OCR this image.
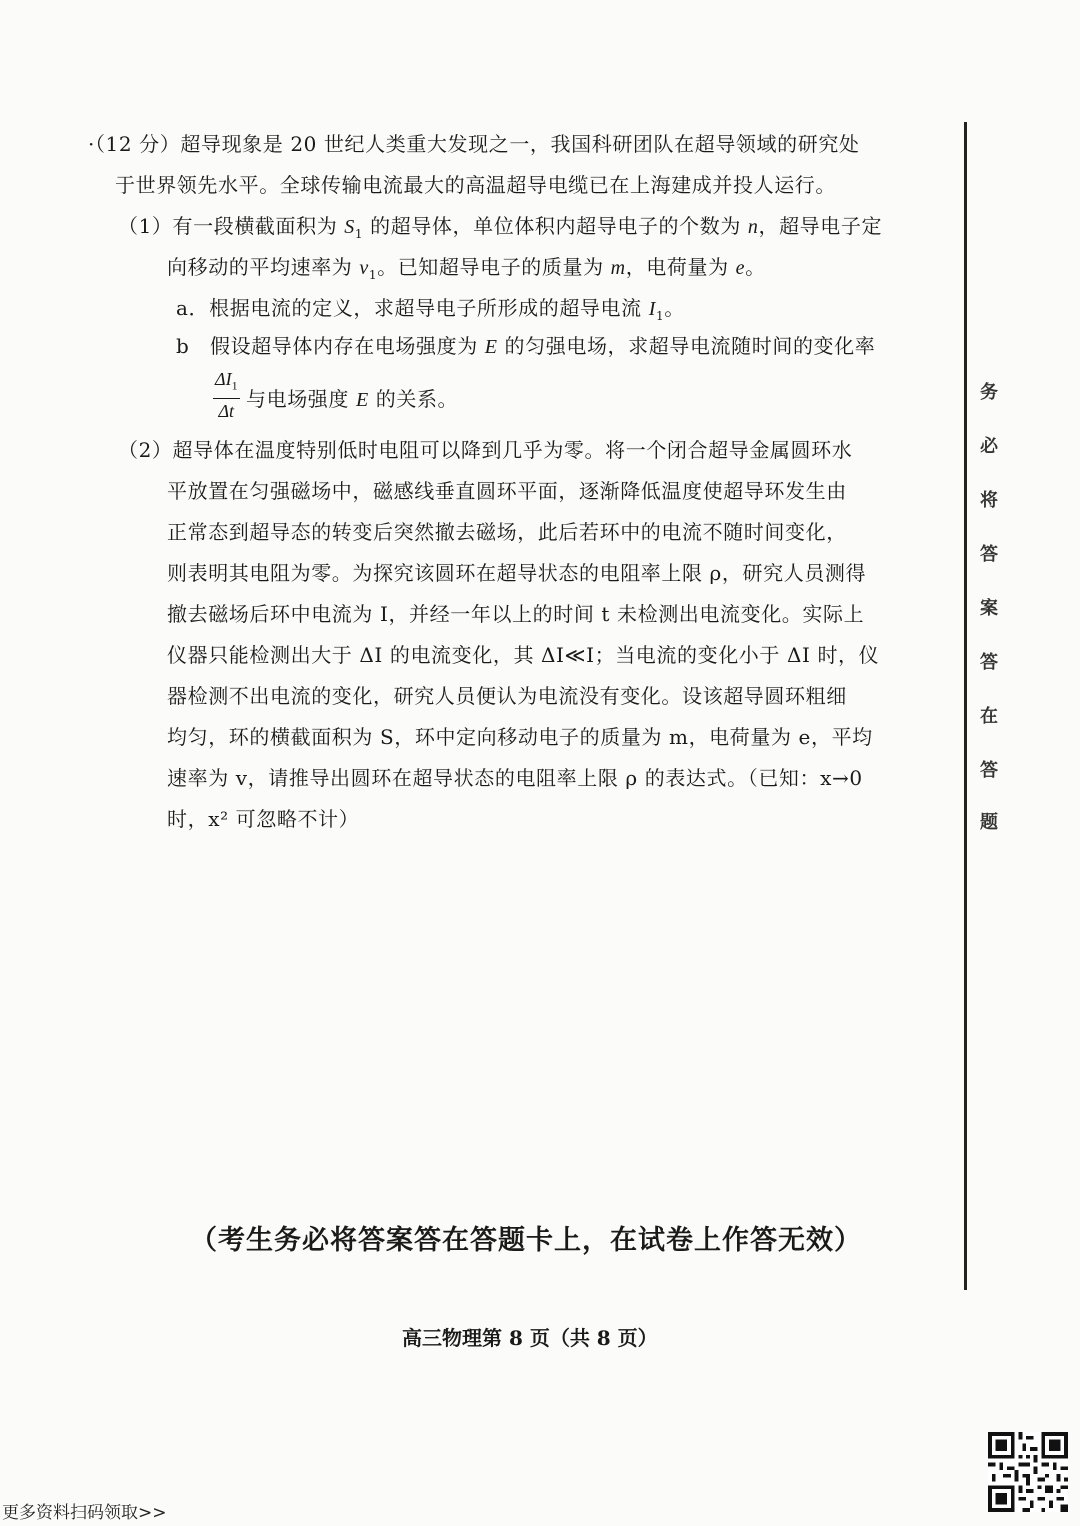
·（12 分）超导现象是 20 世纪人类重大发现之一，我国科研团队在超导领域的研究处
于世界领先水平。全球传输电流最大的高温超导电缆已在上海建成并投人运行。
（1）有一段横截面积为 $S_1$ 的超导体，单位体积内超导电子的个数为 n，超导电子定
向移动的平均速率为 $v_1$。已知超导电子的质量为 m，电荷量为 e。
a．根据电流的定义，求超导电子所形成的超导电流 $I_1$。
b　假设超导体内存在电场强度为 E 的匀强电场，求超导电流随时间的变化率
$\frac{\Delta I_1}{\Delta t}$ 与电场强度 E 的关系。
（2）超导体在温度特别低时电阻可以降到几乎为零。将一个闭合超导金属圆环水
平放置在匀强磁场中，磁感线垂直圆环平面，逐渐降低温度使超导环发生由
正常态到超导态的转变后突然撤去磁场，此后若环中的电流不随时间变化，
则表明其电阻为零。为探究该圆环在超导状态的电阻率上限 ρ，研究人员测得
撤去磁场后环中电流为 I，并经一年以上的时间 t 未检测出电流变化。实际上
仪器只能检测出大于 ΔI 的电流变化，其 ΔI≪I；当电流的变化小于 ΔI 时，仪
器检测不出电流的变化，研究人员便认为电流没有变化。设该超导圆环粗细
均匀，环的横截面积为 S，环中定向移动电子的质量为 m，电荷量为 e，平均
速率为 v，请推导出圆环在超导状态的电阻率上限 ρ 的表达式。（已知：x→0
时，x² 可忽略不计）
务
必
将
答
案
答
在
答
题
（考生务必将答案答在答题卡上，在试卷上作答无效）
高三物理第 8 页（共 8 页）
更多资料扫码领取>>
